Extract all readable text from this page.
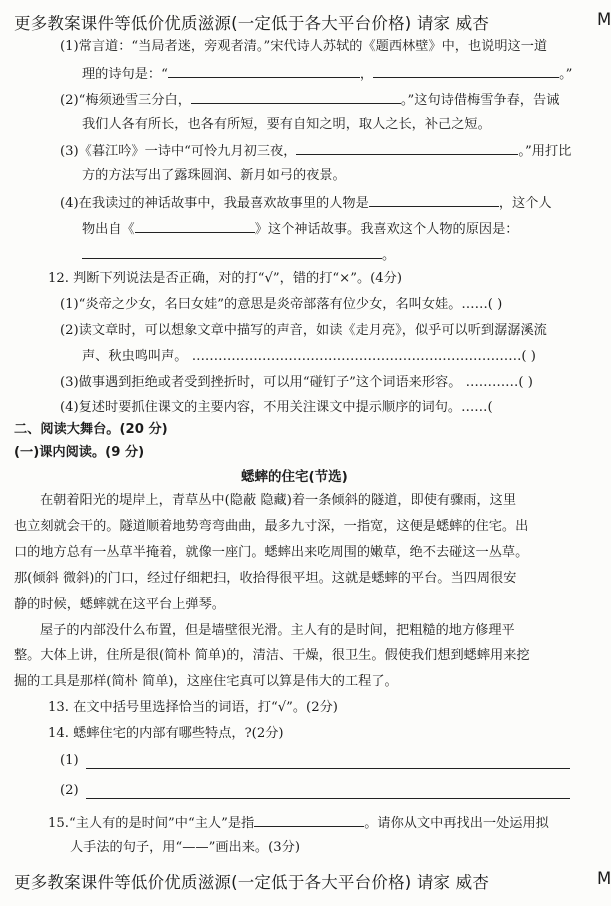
更多教案课件等低价优质滋源(一定低于各大平台价格) 请家 威杏	M
(1)常言道：“当局者迷，旁观者清。”宋代诗人苏轼的《题西林壁》中，也说明这一道
理的诗句是：“	，	。”
(2)“梅须逊雪三分白，	。”这句诗借梅雪争春，告诫
我们人各有所长，也各有所短，要有自知之明，取人之长，补己之短。
(3)《暮江吟》一诗中“可怜九月初三夜，	。”用打比
方的方法写出了露珠圆润、新月如弓的夜景。
(4)在我读过的神话故事中，我最喜欢故事里的人物是	，这个人
物出自《	》这个神话故事。我喜欢这个人物的原因是：
。
12. 判断下列说法是否正确，对的打“√”，错的打“×”。(4分)
(1)“炎帝之少女，名曰女娃”的意思是炎帝部落有位少女，名叫女娃。……( )
(2)读文章时，可以想象文章中描写的声音，如读《走月亮》，似乎可以听到潺潺溪流
声、秋虫鸣叫声。 …………………………………………………………………( )
(3)做事遇到拒绝或者受到挫折时，可以用“碰钉子”这个词语来形容。 …………( )
(4)复述时要抓住课文的主要内容，不用关注课文中提示顺序的词句。……(
二、阅读大舞台。(20 分)
(一)课内阅读。(9 分)
蟋蟀的住宅(节选)
在朝着阳光的堤岸上，青草丛中(隐蔽 隐藏)着一条倾斜的隧道，即使有骤雨，这里
也立刻就会干的。隧道顺着地势弯弯曲曲，最多九寸深，一指宽，这便是蟋蟀的住宅。出
口的地方总有一丛草半掩着，就像一座门。蟋蟀出来吃周围的嫩草，绝不去碰这一丛草。
那(倾斜 微斜)的门口，经过仔细耙扫，收拾得很平坦。这就是蟋蟀的平台。当四周很安
静的时候，蟋蟀就在这平台上弹琴。
屋子的内部没什么布置，但是墙壁很光滑。主人有的是时间，把粗糙的地方修理平
整。大体上讲，住所是很(简朴 简单)的，清洁、干燥，很卫生。假使我们想到蟋蟀用来挖
掘的工具是那样(简朴 简单)，这座住宅真可以算是伟大的工程了。
13. 在文中括号里选择恰当的词语，打“√”。(2分)
14. 蟋蟀住宅的内部有哪些特点，?(2分)
(1)
(2)
15.“主人有的是时间”中“主人”是指	。请你从文中再找出一处运用拟
人手法的句子，用“——”画出来。(3分)
更多教案课件等低价优质滋源(一定低于各大平台价格) 请家 威杏	M
